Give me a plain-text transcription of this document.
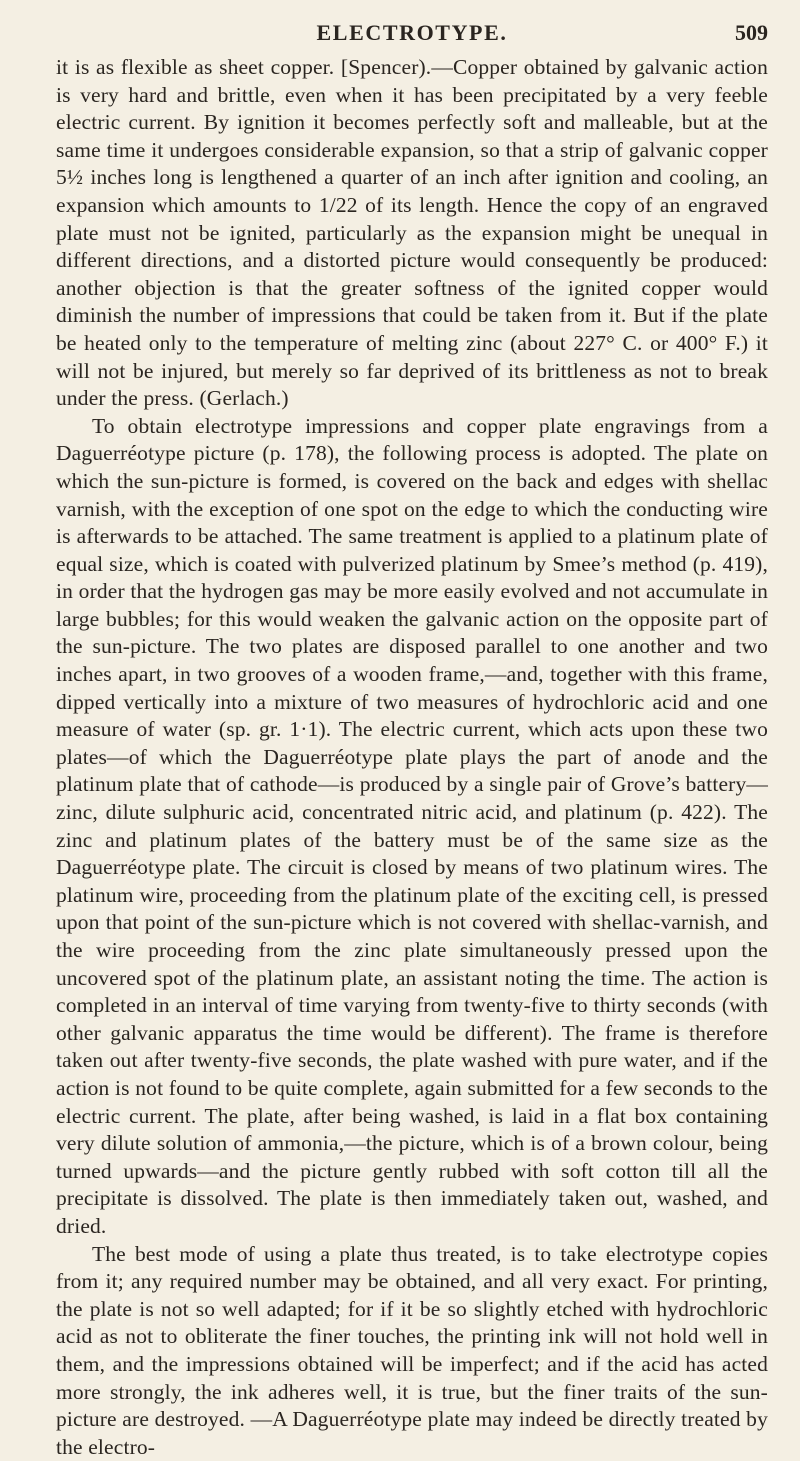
ELECTROTYPE.	509

it is as flexible as sheet copper. [Spencer).—Copper obtained by galvanic action is very hard and brittle, even when it has been precipitated by a very feeble electric current. By ignition it becomes perfectly soft and malleable, but at the same time it undergoes considerable expansion, so that a strip of galvanic copper 5½ inches long is lengthened a quarter of an inch after ignition and cooling, an expansion which amounts to 1/22 of its length. Hence the copy of an engraved plate must not be ignited, particularly as the expansion might be unequal in different directions, and a distorted picture would consequently be produced: another objection is that the greater softness of the ignited copper would diminish the number of impressions that could be taken from it. But if the plate be heated only to the temperature of melting zinc (about 227° C. or 400° F.) it will not be injured, but merely so far deprived of its brittleness as not to break under the press. (Gerlach.)

To obtain electrotype impressions and copper plate engravings from a Daguerréotype picture (p. 178), the following process is adopted. The plate on which the sun-picture is formed, is covered on the back and edges with shellac varnish, with the exception of one spot on the edge to which the conducting wire is afterwards to be attached. The same treatment is applied to a platinum plate of equal size, which is coated with pulverized platinum by Smee’s method (p. 419), in order that the hydrogen gas may be more easily evolved and not accumulate in large bubbles; for this would weaken the galvanic action on the opposite part of the sun-picture. The two plates are disposed parallel to one another and two inches apart, in two grooves of a wooden frame,—and, together with this frame, dipped vertically into a mixture of two measures of hydrochloric acid and one measure of water (sp. gr. 1·1). The electric current, which acts upon these two plates—of which the Daguerréotype plate plays the part of anode and the platinum plate that of cathode—is produced by a single pair of Grove’s battery—zinc, dilute sulphuric acid, concentrated nitric acid, and platinum (p. 422). The zinc and platinum plates of the battery must be of the same size as the Daguerréotype plate. The circuit is closed by means of two platinum wires. The platinum wire, proceeding from the platinum plate of the exciting cell, is pressed upon that point of the sun-picture which is not covered with shellac-varnish, and the wire proceeding from the zinc plate simultaneously pressed upon the uncovered spot of the platinum plate, an assistant noting the time. The action is completed in an interval of time varying from twenty-five to thirty seconds (with other galvanic apparatus the time would be different). The frame is therefore taken out after twenty-five seconds, the plate washed with pure water, and if the action is not found to be quite complete, again submitted for a few seconds to the electric current. The plate, after being washed, is laid in a flat box containing very dilute solution of ammonia,—the picture, which is of a brown colour, being turned upwards—and the picture gently rubbed with soft cotton till all the precipitate is dissolved. The plate is then immediately taken out, washed, and dried.

The best mode of using a plate thus treated, is to take electrotype copies from it; any required number may be obtained, and all very exact. For printing, the plate is not so well adapted; for if it be so slightly etched with hydrochloric acid as not to obliterate the finer touches, the printing ink will not hold well in them, and the impressions obtained will be imperfect; and if the acid has acted more strongly, the ink adheres well, it is true, but the finer traits of the sun-picture are destroyed. —A Daguerréotype plate may indeed be directly treated by the electro-
